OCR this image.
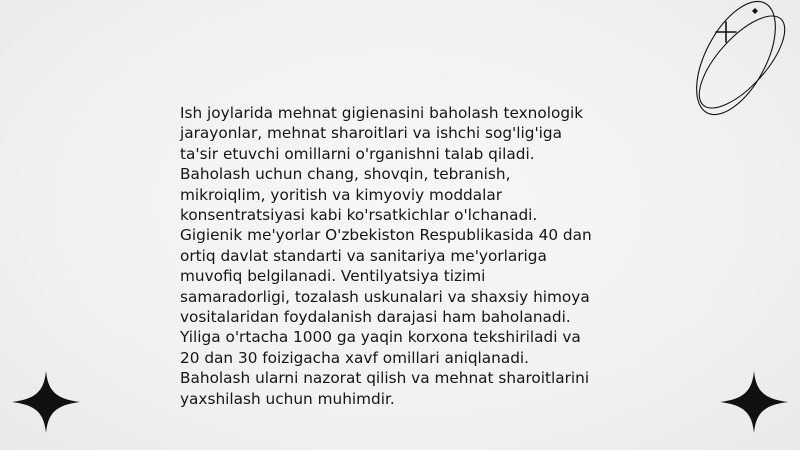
Ish joylarida mehnat gigienasini baholash texnologik
jarayonlar, mehnat sharoitlari va ishchi sog'lig'iga
ta'sir etuvchi omillarni o'rganishni talab qiladi.
Baholash uchun chang, shovqin, tebranish,
mikroiqlim, yoritish va kimyoviy moddalar
konsentratsiyasi kabi ko'rsatkichlar o'lchanadi.
Gigienik me'yorlar O'zbekiston Respublikasida 40 dan
ortiq davlat standarti va sanitariya me'yorlariga
muvofiq belgilanadi. Ventilyatsiya tizimi
samaradorligi, tozalash uskunalari va shaxsiy himoya
vositalaridan foydalanish darajasi ham baholanadi.
Yiliga o'rtacha 1000 ga yaqin korxona tekshiriladi va
20 dan 30 foizigacha xavf omillari aniqlanadi.
Baholash ularni nazorat qilish va mehnat sharoitlarini
yaxshilash uchun muhimdir.
